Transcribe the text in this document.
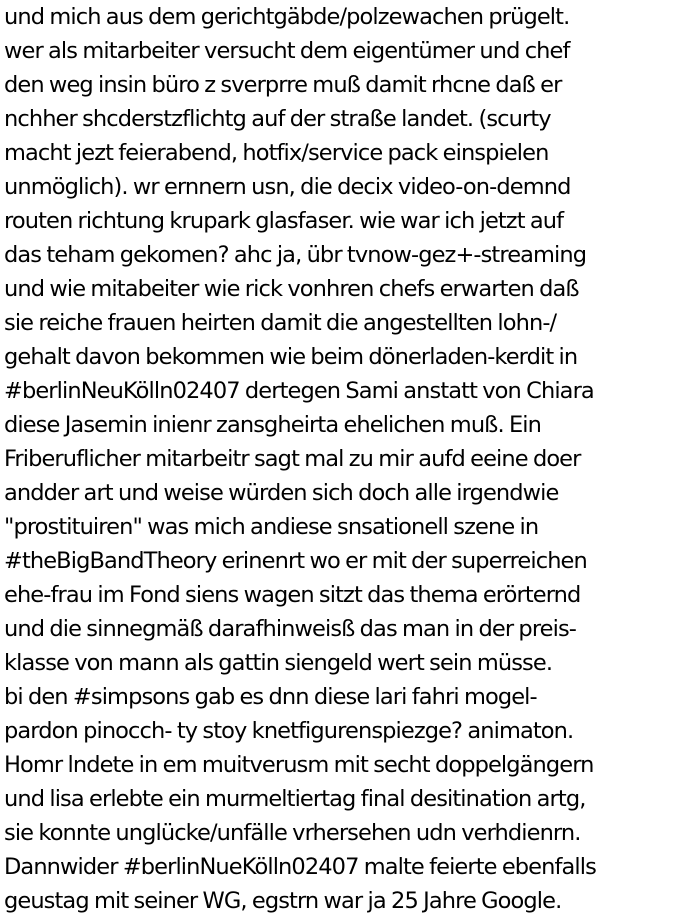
und mich aus dem gerichtgäbde/polzewachen prügelt.
wer als mitarbeiter versucht dem eigentümer und chef
den weg insin büro z sverprre muß damit rhcne daß er
nchher shcderstzflichtg auf der straße landet. (scurty
macht jezt feierabend, hotfix/service pack einspielen
unmöglich). wr ernnern usn, die decix video-on-demnd
routen richtung krupark glasfaser. wie war ich jetzt auf
das teham gekomen? ahc ja, übr tvnow-gez+-streaming
und wie mitabeiter wie rick vonhren chefs erwarten daß
sie reiche frauen heirten damit die angestellten lohn-/
gehalt davon bekommen wie beim dönerladen-kerdit in
#berlinNeuKölln02407 dertegen Sami anstatt von Chiara
diese Jasemin inienr zansgheirta ehelichen muß. Ein
Friberuflicher mitarbeitr sagt mal zu mir aufd eeine doer
andder art und weise würden sich doch alle irgendwie
"prostituiren" was mich andiese snsationell szene in
#theBigBandTheory erinenrt wo er mit der superreichen
ehe-frau im Fond siens wagen sitzt das thema erörternd
und die sinnegmäß darafhinweisß das man in der preis-
klasse von mann als gattin siengeld wert sein müsse.
bi den #simpsons gab es dnn diese lari fahri mogel-
pardon pinocch- ty stoy knetfigurenspiezge? animaton.
Homr lndete in em muitverusm mit secht doppelgängern
und lisa erlebte ein murmeltiertag final desitination artg,
sie konnte unglücke/unfälle vrhersehen udn verhdienrn.
Dannwider #berlinNueKölln02407 malte feierte ebenfalls
geustag mit seiner WG, egstrn war ja 25 Jahre Google.
